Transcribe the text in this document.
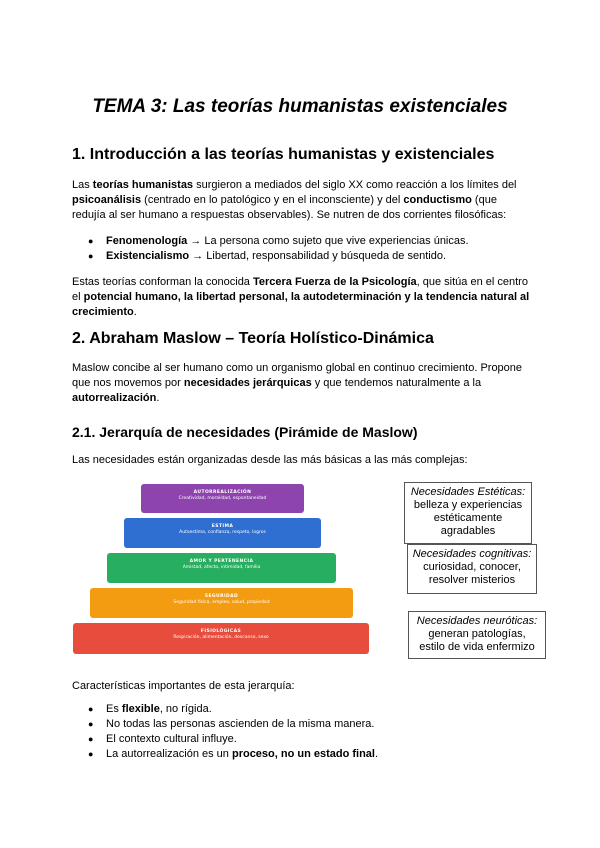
TEMA 3: Las teorías humanistas existenciales
1. Introducción a las teorías humanistas y existenciales
Las teorías humanistas surgieron a mediados del siglo XX como reacción a los límites del psicoanálisis (centrado en lo patológico y en el inconsciente) y del conductismo (que redujía al ser humano a respuestas observables). Se nutren de dos corrientes filosóficas:
● Fenomenología → La persona como sujeto que vive experiencias únicas.
● Existencialismo → Libertad, responsabilidad y búsqueda de sentido.
Estas teorías conforman la conocida Tercera Fuerza de la Psicología, que sitúa en el centro el potencial humano, la libertad personal, la autodeterminación y la tendencia natural al crecimiento.
2. Abraham Maslow – Teoría Holístico-Dinámica
Maslow concibe al ser humano como un organismo global en continuo crecimiento. Propone que nos movemos por necesidades jerárquicas y que tendemos naturalmente a la autorrealización.
2.1. Jerarquía de necesidades (Pirámide de Maslow)
Las necesidades están organizadas desde las más básicas a las más complejas:
AUTORREALIZACIÓN
Creatividad, moralidad, espontaneidad
ESTIMA
Autoestima, confianza, respeto, logros
AMOR Y PERTENENCIA
Amistad, afecto, intimidad, familia
SEGURIDAD
Seguridad física, empleo, salud, propiedad
FISIOLÓGICAS
Respiración, alimentación, descanso, sexo
Necesidades Estéticas:
belleza y experiencias
estéticamente
agradables
Necesidades cognitivas:
curiosidad, conocer,
resolver misterios
Necesidades neuróticas:
generan patologías,
estilo de vida enfermizo
Características importantes de esta jerarquía:
● Es flexible, no rígida.
● No todas las personas ascienden de la misma manera.
● El contexto cultural influye.
● La autorrealización es un proceso, no un estado final.
